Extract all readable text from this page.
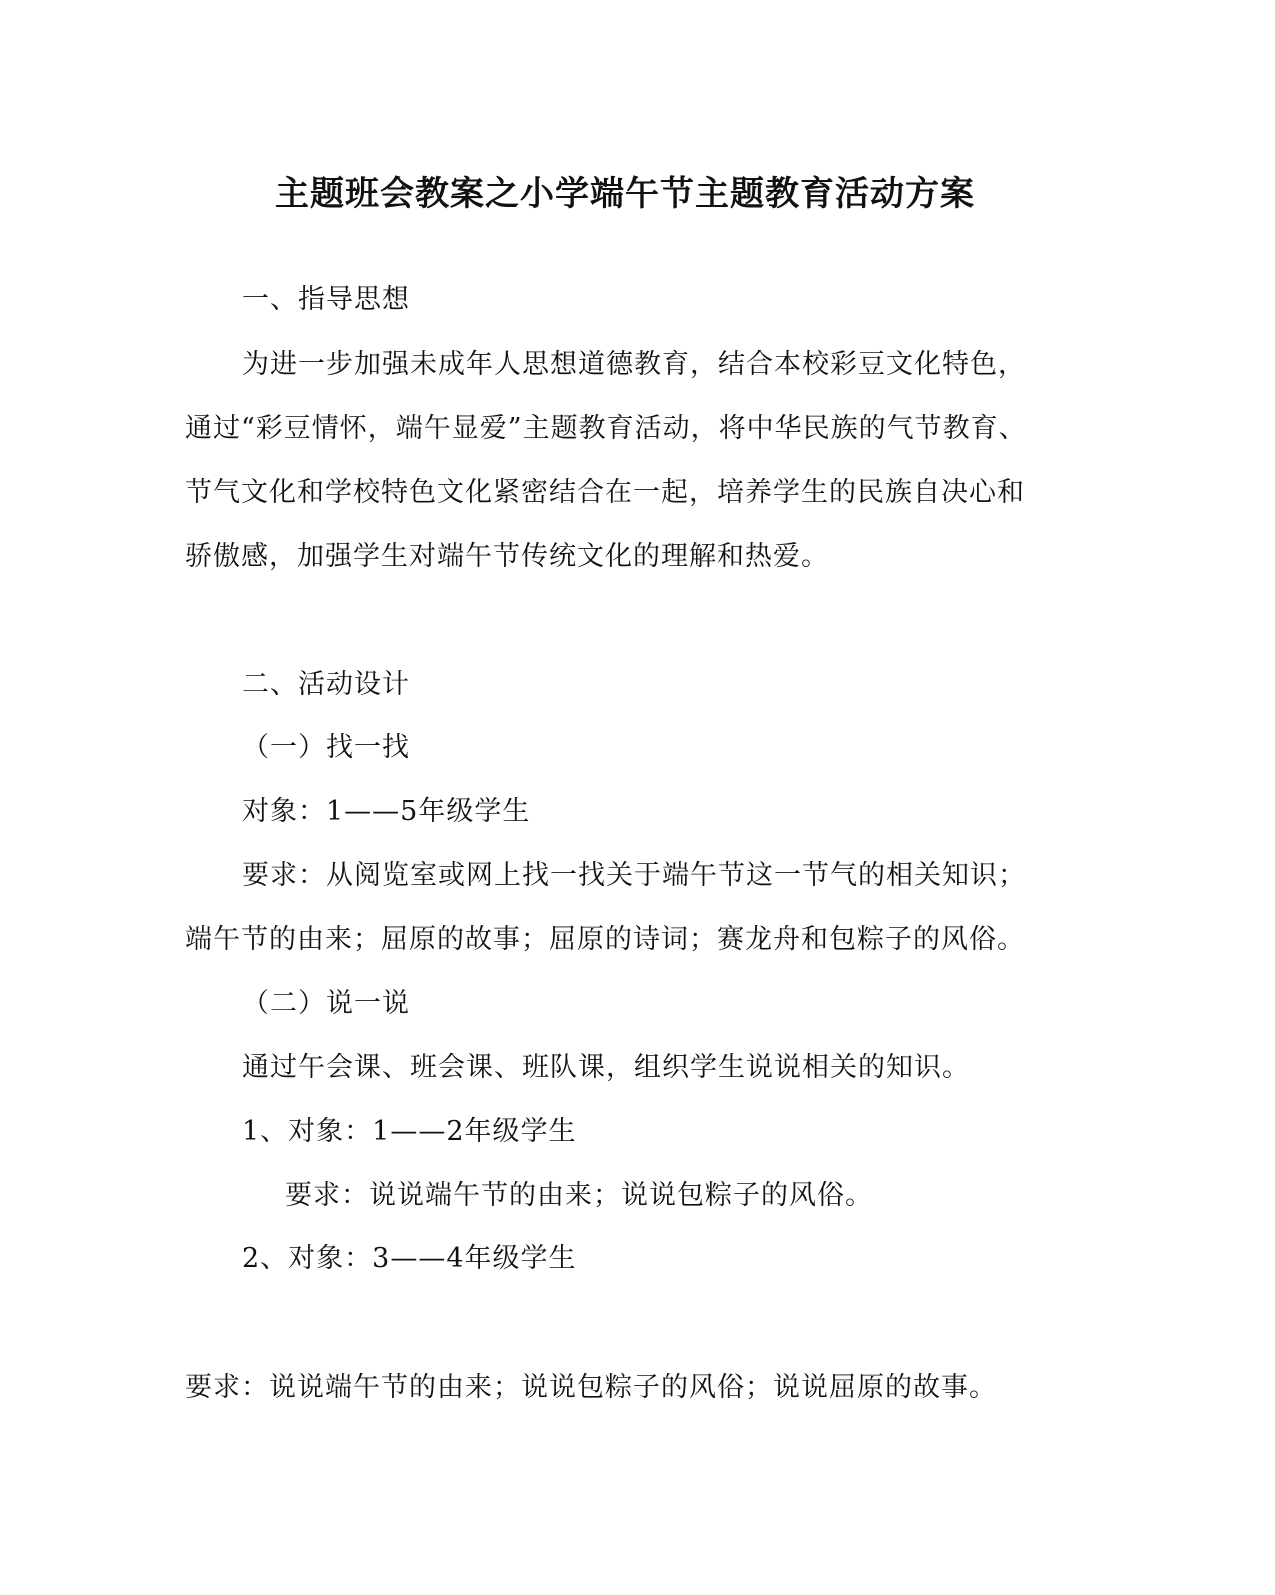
主题班会教案之小学端午节主题教育活动方案
一、指导思想
为进一步加强未成年人思想道德教育，结合本校彩豆文化特色，
通过“彩豆情怀，端午显爱”主题教育活动，将中华民族的气节教育、
节气文化和学校特色文化紧密结合在一起，培养学生的民族自决心和
骄傲感，加强学生对端午节传统文化的理解和热爱。
二、活动设计
（一）找一找
对象：1——5年级学生
要求：从阅览室或网上找一找关于端午节这一节气的相关知识；
端午节的由来；屈原的故事；屈原的诗词；赛龙舟和包粽子的风俗。
（二）说一说
通过午会课、班会课、班队课，组织学生说说相关的知识。
1、对象：1——2年级学生
要求：说说端午节的由来；说说包粽子的风俗。
2、对象：3——4年级学生
要求：说说端午节的由来；说说包粽子的风俗；说说屈原的故事。
